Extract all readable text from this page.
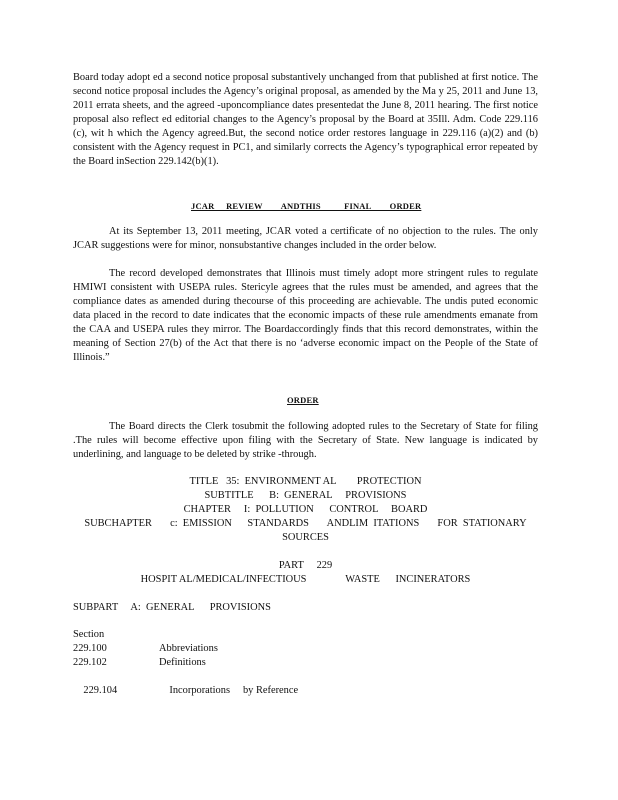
Board today adopt ed a second notice proposal substantively unchanged from that published at first notice. The second notice proposal includes the Agency’s original proposal, as amended by the Ma y 25, 2011 and June 13, 2011 errata sheets, and the agreed -uponcompliance dates presentedat the June 8, 2011 hearing. The first notice proposal also reflect ed editorial changes to the Agency’s proposal by the Board at 35Ill. Adm. Code 229.116 (c), wit h which the Agency agreed.But, the second notice order restores language in 229.116 (a)(2) and (b) consistent with the Agency request in PC1, and similarly corrects the Agency’s typographical error repeated by the Board inSection 229.142(b)(1).

JCAR     REVIEW        ANDTHIS          FINAL        ORDER

At its September 13, 2011 meeting, JCAR voted a certificate of no objection to the rules. The only JCAR suggestions were for minor, nonsubstantive changes included in the order below.

The record developed demonstrates that Illinois must timely adopt more stringent rules to regulate HMIWI consistent with USEPA rules. Stericyle agrees that the rules must be amended, and agrees that the compliance dates as amended during thecourse of this proceeding are achievable. The undis puted economic data placed in the record to date indicates that the economic impacts of these rule amendments emanate from the CAA and USEPA rules they mirror. The Boardaccordingly finds that this record demonstrates, within the meaning of Section 27(b) of the Act that there is no ‘adverse economic impact on the People of the State of Illinois.”

ORDER

The Board directs the Clerk tosubmit the following adopted rules to the Secretary of State for filing .The rules will become effective upon filing with the Secretary of State. New language is indicated by underlining, and language to be deleted by strike -through.

TITLE   35:  ENVIRONMENT AL        PROTECTION
SUBTITLE      B:  GENERAL     PROVISIONS
CHAPTER     I:  POLLUTION      CONTROL     BOARD
SUBCHAPTER       c:  EMISSION      STANDARDS       ANDLIM  ITATIONS       FOR  STATIONARY
SOURCES
PART     229
HOSPIT AL/MEDICAL/INFECTIOUS               WASTE      INCINERATORS
SUBPART     A:  GENERAL      PROVISIONS
Section
229.100	Abbreviations
229.102	Definitions

229.104	Incorporations     by Reference
